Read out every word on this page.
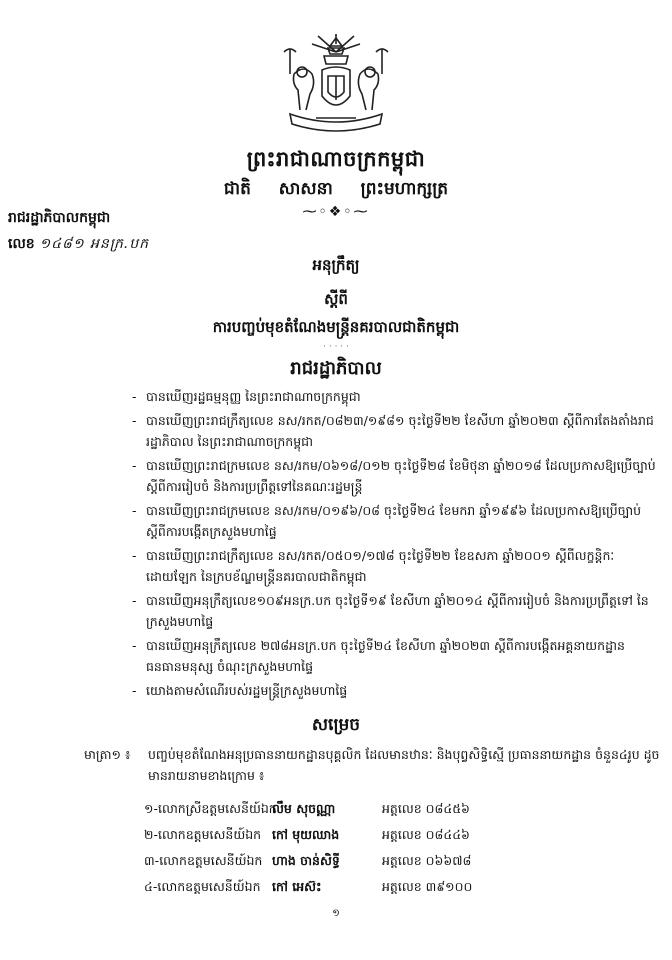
ព្រះរាជាណាចក្រកម្ពុជា
ជាតិ សាសនា ព្រះមហាក្សត្រ
⁓◦❖◦⁓
រាជរដ្ឋាភិបាលកម្ពុជា
លេខ ១៤៨១ អនក្រ.បក
អនុក្រឹត្យ
ស្តីពី
ការបញ្ចប់មុខតំណែងមន្ត្រីនគរបាលជាតិកម្ពុជា
· · · · ·
រាជរដ្ឋាភិបាល
- បានឃើញរដ្ឋធម្មនុញ្ញ នៃព្រះរាជាណាចក្រកម្ពុជា
- បានឃើញព្រះរាជក្រឹត្យលេខ នស/រកត/០៨២៣/១៩៨១ ចុះថ្ងៃទី២២ ខែសីហា ឆ្នាំ២០២៣ ស្តីពីការតែងតាំងរាជរដ្ឋាភិបាល នៃព្រះរាជាណាចក្រកម្ពុជា
- បានឃើញព្រះរាជក្រមលេខ នស/រកម/០៦១៨/០១២ ចុះថ្ងៃទី២៨ ខែមិថុនា ឆ្នាំ២០១៨ ដែលប្រកាសឱ្យប្រើច្បាប់ស្តីពីការរៀបចំ និងការប្រព្រឹត្តទៅនៃគណៈរដ្ឋមន្ត្រី
- បានឃើញព្រះរាជក្រមលេខ នស/រកម/០១៩៦/០៨ ចុះថ្ងៃទី២៤ ខែមករា ឆ្នាំ១៩៩៦ ដែលប្រកាសឱ្យប្រើច្បាប់ស្តីពីការបង្កើតក្រសួងមហាផ្ទៃ
- បានឃើញព្រះរាជក្រឹត្យលេខ នស/រកត/០៥០១/១៧៨ ចុះថ្ងៃទី២២ ខែឧសភា ឆ្នាំ២០០១ ស្តីពីលក្ខន្តិកៈដោយឡែក នៃក្របខ័ណ្ឌមន្ត្រីនគរបាលជាតិកម្ពុជា
- បានឃើញអនុក្រឹត្យលេខ១០៩អនក្រ.បក ចុះថ្ងៃទី១៩ ខែសីហា ឆ្នាំ២០១៤ ស្តីពីការរៀបចំ និងការប្រព្រឹត្តទៅ នៃក្រសួងមហាផ្ទៃ
- បានឃើញអនុក្រឹត្យលេខ ២៧៨អនក្រ.បក ចុះថ្ងៃទី២៤ ខែសីហា ឆ្នាំ២០២៣ ស្តីពីការបង្កើតអគ្គនាយកដ្ឋានធនធានមនុស្ស ចំណុះក្រសួងមហាផ្ទៃ
- យោងតាមសំណើរបស់រដ្ឋមន្ត្រីក្រសួងមហាផ្ទៃ
សម្រេច
មាត្រា១ ៖ បញ្ចប់មុខតំណែងអនុប្រធាននាយកដ្ឋានបុគ្គលិក ដែលមានឋានៈ និងបុព្វសិទ្ធិស្មើ ប្រធាននាយកដ្ឋាន ចំនួន៤រូប ដូចមានរាយនាមខាងក្រោម ៖
១-លោកស្រីឧត្តមសេនីយ៍ឯក
លឹម សុចណ្ណា	អត្តលេខ ០៨៤៥៦
២-លោកឧត្តមសេនីយ៍ឯក កៅ មុយឈាង	អត្តលេខ ០៨៤៤៦
៣-លោកឧត្តមសេនីយ៍ឯក ហាង ចាន់សិទ្ធី	អត្តលេខ ០៦៦៧៨
៤-លោកឧត្តមសេនីយ៍ឯក កៅ អេស៊ះ	អត្តលេខ ៣៩១០០
១
